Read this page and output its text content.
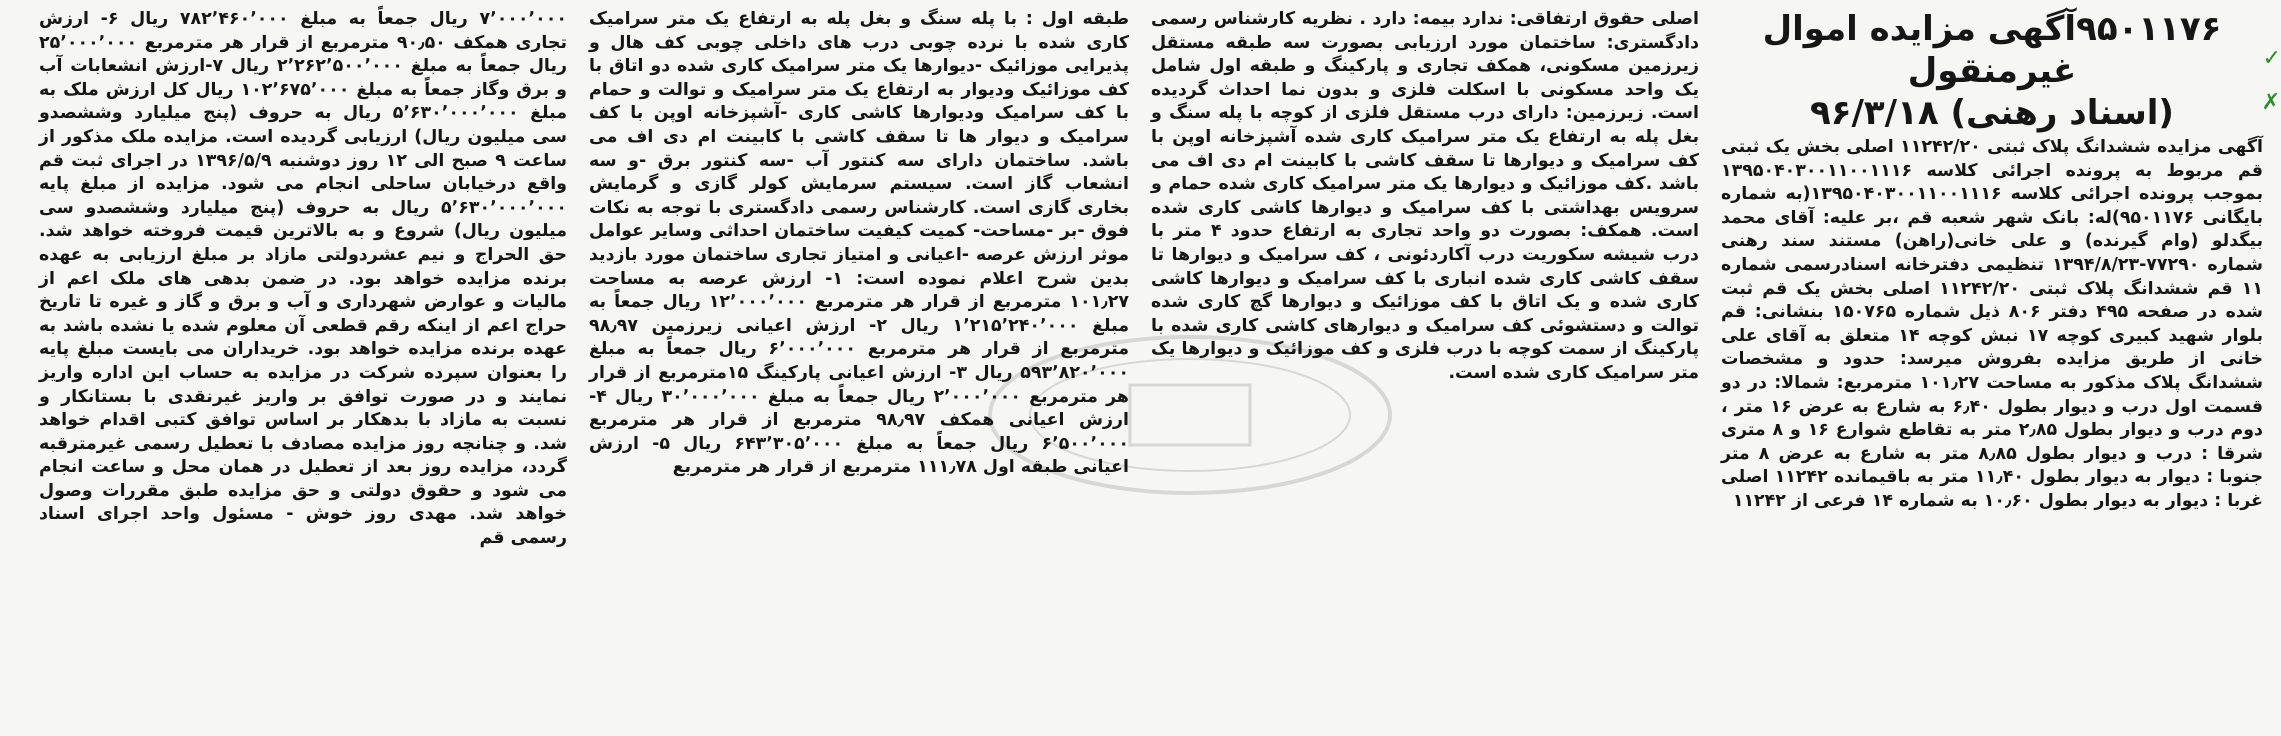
۹۵۰۱۱۷۶آگهی مزایده اموال غیرمنقول
(اسناد رهنی) ۹۶/۳/۱۸

آگهی مزایده ششدانگ پلاک ثبتی ۱۱۲۴۲/۲۰ اصلی بخش یک ثبتی قم مربوط به پرونده اجرائی کلاسه ۱۳۹۵۰۴۰۳۰۰۱۱۰۰۱۱۱۶ بموجب پرونده اجرائی کلاسه ۱۳۹۵۰۴۰۳۰۰۱۱۰۰۱۱۱۶(به شماره بایگانی ۹۵۰۱۱۷۶)له: بانک شهر شعبه قم ،بر علیه: آقای محمد بیگدلو (وام گیرنده) و علی خانی(راهن) مستند سند رهنی شماره ۷۷۲۹۰-۱۳۹۴/۸/۲۳ تنظیمی دفترخانه اسنادرسمی شماره ۱۱ قم ششدانگ پلاک ثبتی ۱۱۲۴۲/۲۰ اصلی بخش یک قم ثبت شده در صفحه ۴۹۵ دفتر ۸۰۶ ذیل شماره ۱۵۰۷۶۵ بنشانی: قم بلوار شهید کبیری کوچه ۱۷ نبش کوچه ۱۴ متعلق به آقای علی خانی از طریق مزایده بفروش میرسد: حدود و مشخصات ششدانگ پلاک مذکور به مساحت ۱۰۱٫۲۷ مترمربع: شمالا: در دو قسمت اول درب و دیوار بطول ۶٫۴۰ به شارع به عرض ۱۶ متر ، دوم درب و دیوار بطول ۲٫۸۵ متر به تقاطع شوارع ۱۶ و ۸ متری شرقا : درب و دیوار بطول ۸٫۸۵ متر به شارع به عرض ۸ متر جنوبا : دیوار به دیوار بطول ۱۱٫۴۰ متر به باقیمانده ۱۱۲۴۲ اصلی غربا : دیوار به دیوار بطول ۱۰٫۶۰ به شماره ۱۴ فرعی از ۱۱۲۴۲

اصلی حقوق ارتفاقی: ندارد بیمه: دارد . نظریه کارشناس رسمی دادگستری: ساختمان مورد ارزیابی بصورت سه طبقه مستقل زیرزمین مسکونی، همکف تجاری و پارکینگ و طبقه اول شامل یک واحد مسکونی با اسکلت فلزی و بدون نما احداث گردیده است. زیرزمین: دارای درب مستقل فلزی از کوچه با پله سنگ و بغل پله به ارتفاع یک متر سرامیک کاری شده آشپزخانه اوپن با کف سرامیک و دیوارها تا سقف کاشی با کابینت ام دی اف می باشد .کف موزائیک و دیوارها یک متر سرامیک کاری شده حمام و سرویس بهداشتی با کف سرامیک و دیوارها کاشی کاری شده است. همکف: بصورت دو واحد تجاری به ارتفاع حدود ۴ متر با درب شیشه سکوریت درب آکاردئونی ، کف سرامیک و دیوارها تا سقف کاشی کاری شده انباری با کف سرامیک و دیوارها کاشی کاری شده و یک اتاق با کف موزائیک و دیوارها گچ کاری شده توالت و دستشوئی کف سرامیک و دیوارهای کاشی کاری شده با پارکینگ از سمت کوچه با درب فلزی و کف موزائیک و دیوارها یک متر سرامیک کاری شده است.

طبقه اول : با پله سنگ و بغل پله به ارتفاع یک متر سرامیک کاری شده با نرده چوبی درب های داخلی چوبی کف هال و پذیرایی موزائیک -دیوارها یک متر سرامیک کاری شده دو اتاق با کف موزائیک ودیوار به ارتفاع یک متر سرامیک و توالت و حمام با کف سرامیک ودیوارها کاشی کاری -آشپزخانه اوپن با کف سرامیک و دیوار ها تا سقف کاشی با کابینت ام دی اف می باشد. ساختمان دارای سه کنتور آب -سه کنتور برق -و سه انشعاب گاز است. سیستم سرمایش کولر گازی و گرمایش بخاری گازی است. کارشناس رسمی دادگستری با توجه به نکات فوق -بر -مساحت- کمیت کیفیت ساختمان احداثی وسایر عوامل موثر ارزش عرصه -اعیانی و امتیاز تجاری ساختمان مورد بازدید بدین شرح اعلام نموده است: ۱- ارزش عرصه به مساحت ۱۰۱٫۲۷ مترمربع از قرار هر مترمربع ۱۲٬۰۰۰٬۰۰۰ ریال جمعاً به مبلغ ۱٬۲۱۵٬۲۴۰٬۰۰۰ ریال ۲- ارزش اعیانی زیرزمین ۹۸٫۹۷ مترمربع از قرار هر مترمربع ۶٬۰۰۰٬۰۰۰ ریال جمعاً به مبلغ ۵۹۳٬۸۲۰٬۰۰۰ ریال ۳- ارزش اعیانی پارکینگ ۱۵مترمربع از قرار هر مترمربع ۲٬۰۰۰٬۰۰۰ ریال جمعاً به مبلغ ۳۰٬۰۰۰٬۰۰۰ ریال ۴- ارزش اعیانی همکف ۹۸٫۹۷ مترمربع از قرار هر مترمربع ۶٬۵۰۰٬۰۰۰ ریال جمعاً به مبلغ ۶۴۳٬۳۰۵٬۰۰۰ ریال ۵- ارزش اعیانی طبقه اول ۱۱۱٫۷۸ مترمربع از قرار هر مترمربع

۷٬۰۰۰٬۰۰۰ ریال جمعاً به مبلغ ۷۸۲٬۴۶۰٬۰۰۰ ریال ۶- ارزش تجاری همکف ۹۰٫۵۰ مترمربع از قرار هر مترمربع ۲۵٬۰۰۰٬۰۰۰ ریال جمعاً به مبلغ ۲٬۲۶۲٬۵۰۰٬۰۰۰ ریال ۷-ارزش انشعابات آب و برق وگاز جمعاً به مبلغ ۱۰۲٬۶۷۵٬۰۰۰ ریال کل ارزش ملک به مبلغ ۵٬۶۳۰٬۰۰۰٬۰۰۰ ریال به حروف (پنج میلیارد وششصدو سی میلیون ریال) ارزیابی گردیده است. مزایده ملک مذکور از ساعت ۹ صبح الی ۱۲ روز دوشنبه ۱۳۹۶/۵/۹ در اجرای ثبت قم واقع درخیابان ساحلی انجام می شود. مزایده از مبلغ پایه ۵٬۶۳۰٬۰۰۰٬۰۰۰ ریال به حروف (پنج میلیارد وششصدو سی میلیون ریال) شروع و به بالاترین قیمت فروخته خواهد شد. حق الحراج و نیم عشردولتی مازاد بر مبلغ ارزیابی به عهده برنده مزایده خواهد بود. در ضمن بدهی های ملک اعم از مالیات و عوارض شهرداری و آب و برق و گاز و غیره تا تاریخ حراج اعم از اینکه رقم قطعی آن معلوم شده یا نشده باشد به عهده برنده مزایده خواهد بود. خریداران می بایست مبلغ پایه را بعنوان سپرده شرکت در مزایده به حساب این اداره واریز نمایند و در صورت توافق بر واریز غیرنقدی با بستانکار و نسبت به مازاد با بدهکار بر اساس توافق کتبی اقدام خواهد شد. و چنانچه روز مزایده مصادف با تعطیل رسمی غیرمترقبه گردد، مزایده روز بعد از تعطیل در همان محل و ساعت انجام می شود و حقوق دولتی و حق مزایده طبق مقررات وصول خواهد شد. مهدی روز خوش - مسئول واحد اجرای اسناد رسمی قم

✓
✗
